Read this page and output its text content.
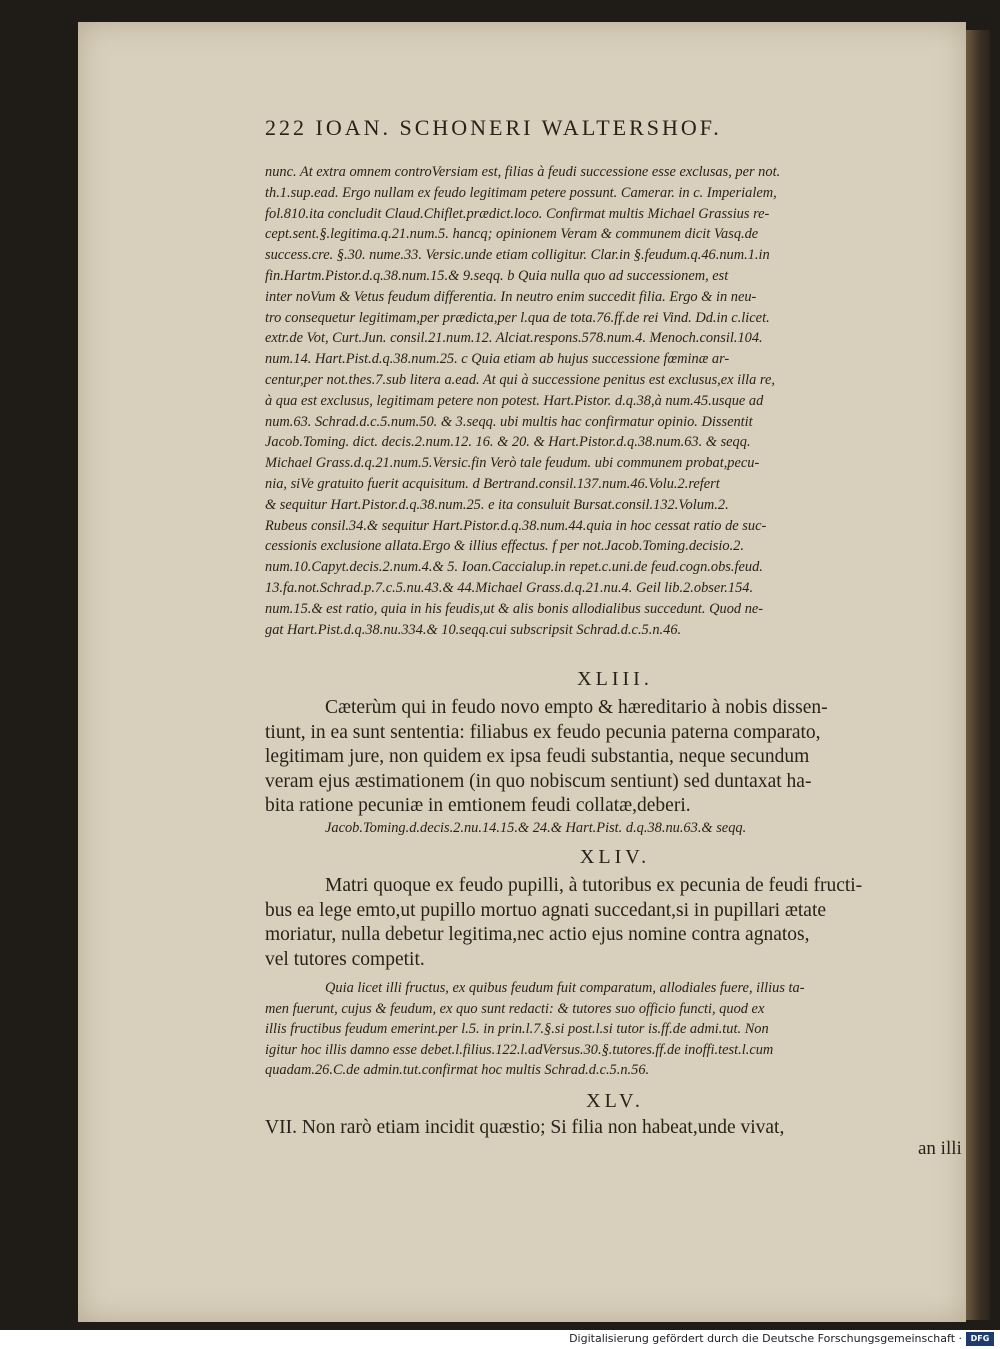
222 IOAN. SCHONERI WALTERSHOF.

nunc. At extra omnem controVersiam est, filias à feudi successione esse exclusas, per not.

th.1.sup.ead. Ergo nullam ex feudo legitimam petere possunt. Camerar. in c. Imperialem,

fol.810.ita concludit Claud.Chiflet.prædict.loco. Confirmat multis Michael Grassius re-

cept.sent.§.legitima.q.21.num.5. hancq; opinionem Veram & communem dicit Vasq.de

success.cre. §.30. nume.33. Versic.unde etiam colligitur. Clar.in §.feudum.q.46.num.1.in

fin.Hartm.Pistor.d.q.38.num.15.& 9.seqq. b Quia nulla quo ad successionem, est

inter noVum & Vetus feudum differentia. In neutro enim succedit filia. Ergo & in neu-

tro consequetur legitimam,per prædicta,per l.qua de tota.76.ff.de rei Vind. Dd.in c.licet.

extr.de Vot, Curt.Jun. consil.21.num.12. Alciat.respons.578.num.4. Menoch.consil.104.

num.14. Hart.Pist.d.q.38.num.25. c Quia etiam ab hujus successione fœminæ ar-

centur,per not.thes.7.sub litera a.ead. At qui à successione penitus est exclusus,ex illa re,

à qua est exclusus, legitimam petere non potest. Hart.Pistor. d.q.38,à num.45.usque ad

num.63. Schrad.d.c.5.num.50. & 3.seqq. ubi multis hac confirmatur opinio. Dissentit

Jacob.Toming. dict. decis.2.num.12. 16. & 20. & Hart.Pistor.d.q.38.num.63. & seqq.

Michael Grass.d.q.21.num.5.Versic.fin Verò tale feudum. ubi communem probat,pecu-

nia, siVe gratuito fuerit acquisitum. d Bertrand.consil.137.num.46.Volu.2.refert

& sequitur Hart.Pistor.d.q.38.num.25. e ita consuluit Bursat.consil.132.Volum.2.

Rubeus consil.34.& sequitur Hart.Pistor.d.q.38.num.44.quia in hoc cessat ratio de suc-

cessionis exclusione allata.Ergo & illius effectus. f per not.Jacob.Toming.decisio.2.

num.10.Capyt.decis.2.num.4.& 5. Ioan.Caccialup.in repet.c.uni.de feud.cogn.obs.feud.

13.fa.not.Schrad.p.7.c.5.nu.43.& 44.Michael Grass.d.q.21.nu.4. Geil lib.2.obser.154.

num.15.& est ratio, quia in his feudis,ut & alis bonis allodialibus succedunt. Quod ne-

gat Hart.Pist.d.q.38.nu.334.& 10.seqq.cui subscripsit Schrad.d.c.5.n.46.

XLIII.

Cæterùm qui in feudo novo empto & hæreditario à nobis dissen-

tiunt, in ea sunt sententia: filiabus ex feudo pecunia paterna comparato,

legitimam jure, non quidem ex ipsa feudi substantia, neque secundum

veram ejus æstimationem (in quo nobiscum sentiunt) sed duntaxat ha-

bita ratione pecuniæ in emtionem feudi collatæ,deberi.

Jacob.Toming.d.decis.2.nu.14.15.& 24.& Hart.Pist. d.q.38.nu.63.& seqq.

XLIV.

Matri quoque ex feudo pupilli, à tutoribus ex pecunia de feudi fructi-

bus ea lege emto,ut pupillo mortuo agnati succedant,si in pupillari ætate

moriatur, nulla debetur legitima,nec actio ejus nomine contra agnatos,

vel tutores competit.

Quia licet illi fructus, ex quibus feudum fuit comparatum, allodiales fuere, illius ta-

men fuerunt, cujus & feudum, ex quo sunt redacti: & tutores suo officio functi, quod ex

illis fructibus feudum emerint.per l.5. in prin.l.7.§.si post.l.si tutor is.ff.de admi.tut. Non

igitur hoc illis damno esse debet.l.filius.122.l.adVersus.30.§.tutores.ff.de inoffi.test.l.cum

quadam.26.C.de admin.tut.confirmat hoc multis Schrad.d.c.5.n.56.

XLV.

VII. Non rarò etiam incidit quæstio; Si filia non habeat,unde vivat,

an illi
Digitalisierung gefördert durch die Deutsche Forschungsgemeinschaft ·	DFG
